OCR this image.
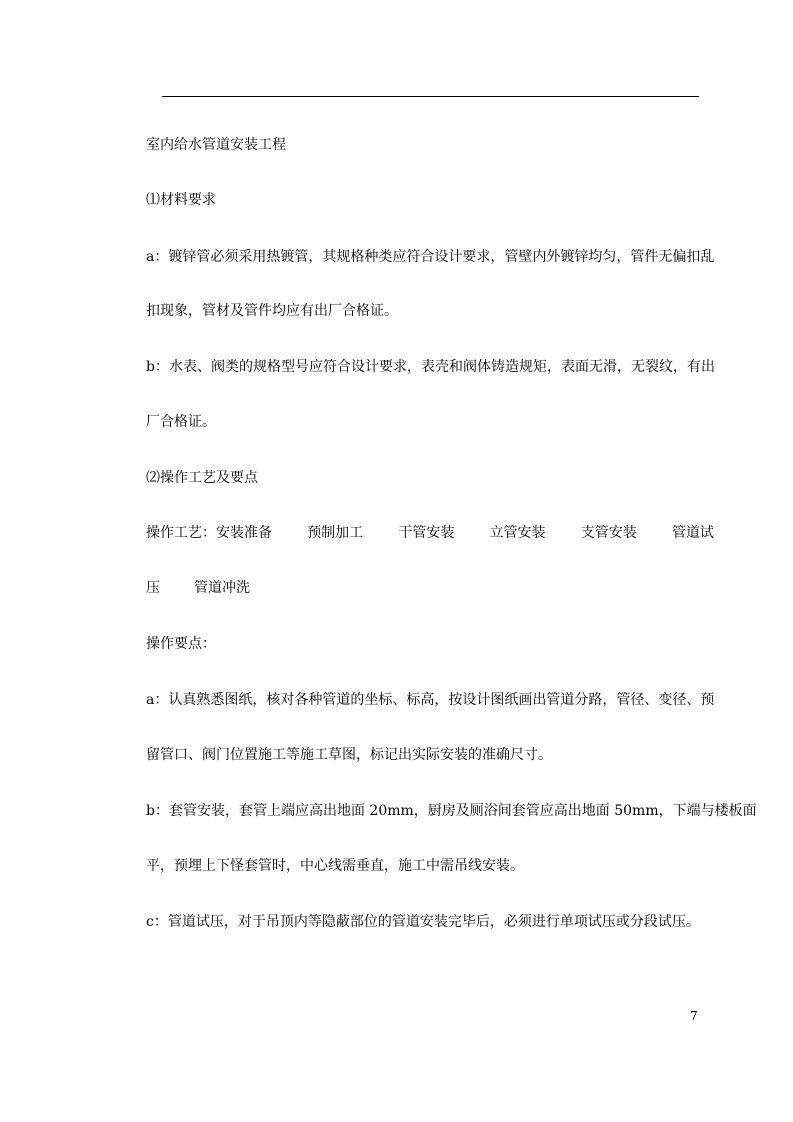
室内给水管道安装工程
⑴材料要求
a：镀锌管必须采用热镀管，其规格种类应符合设计要求，管壁内外镀锌均匀，管件无偏扣乱
扣现象，管材及管件均应有出厂合格证。
b：水表、阀类的规格型号应符合设计要求，表壳和阀体铸造规矩，表面无滑，无裂纹，有出
厂合格证。
⑵操作工艺及要点
操作工艺：安装准备	预制加工	干管安装	立管安装	支管安装	管道试
压 管道冲洗
操作要点：
a：认真熟悉图纸，核对各种管道的坐标、标高，按设计图纸画出管道分路，管径、变径、预
留管口、阀门位置施工等施工草图，标记出实际安装的准确尺寸。
b：套管安装，套管上端应高出地面 20mm，厨房及厕浴间套管应高出地面 50mm，下端与楼板面
平，预埋上下怪套管时，中心线需垂直，施工中需吊线安装。
c：管道试压，对于吊顶内等隐蔽部位的管道安装完毕后，必须进行单项试压或分段试压。
7
